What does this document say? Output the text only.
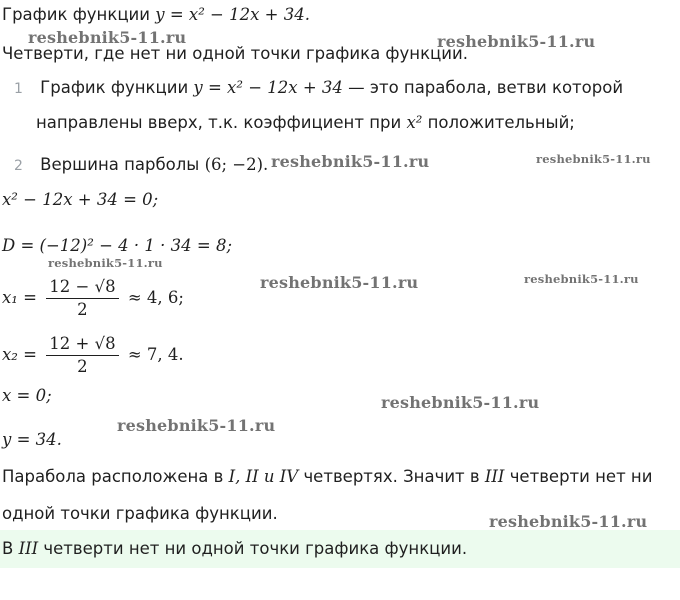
График функции y = x² − 12x + 34.
Четверти, где нет ни одной точки графика функции.
1 График функции y = x² − 12x + 34 — это парабола, ветви которой
направлены вверх, т.к. коэффициент при x² положительный;
2 Вершина парболы (6; −2).
x² − 12x + 34 = 0;
D = (−12)² − 4 · 1 · 34 = 8;
$x_1 = \frac{12 - √8}{2} \approx 4$, 6;
$x_2 = \frac{12 + √8}{2} \approx 7$, 4.
x = 0;
y = 34.
Парабола расположена в I, II и IV четвертях. Значит в III четверти нет ни
одной точки графика функции.
В III четверти нет ни одной точки графика функции.
reshebnik5-11.ru	reshebnik5-11.ru
reshebnik5-11.ru	reshebnik5-11.ru
reshebnik5-11.ru
reshebnik5-11.ru	reshebnik5-11.ru
reshebnik5-11.ru
reshebnik5-11.ru
reshebnik5-11.ru
